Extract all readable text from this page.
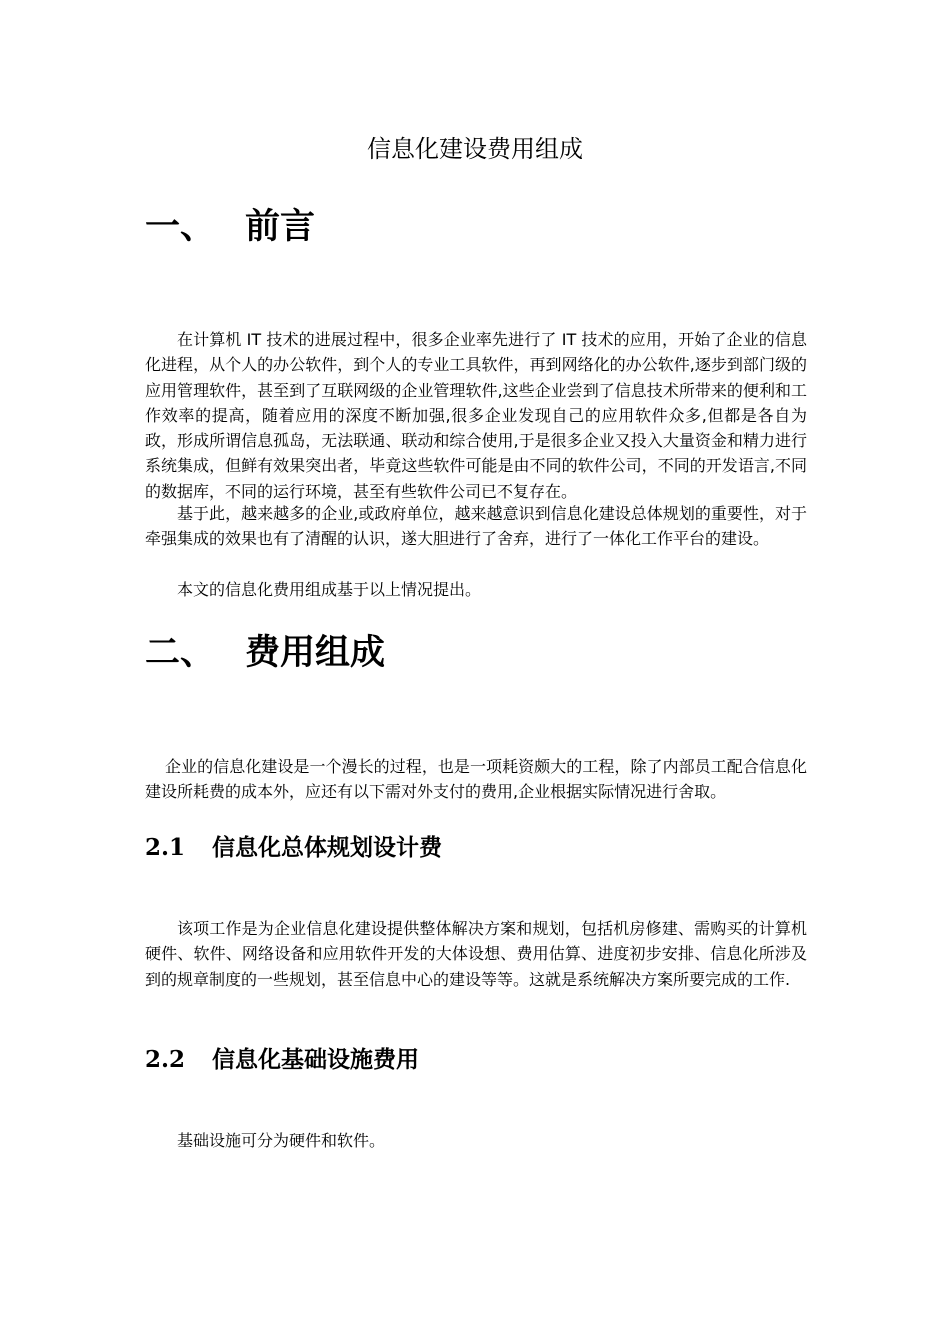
信息化建设费用组成
一、 前言

在计算机 IT 技术的进展过程中，很多企业率先进行了 IT 技术的应用，开始了企业的信息化进程，从个人的办公软件，到个人的专业工具软件，再到网络化的办公软件,逐步到部门级的应用管理软件，甚至到了互联网级的企业管理软件,这些企业尝到了信息技术所带来的便利和工作效率的提高，随着应用的深度不断加强,很多企业发现自己的应用软件众多,但都是各自为政，形成所谓信息孤岛，无法联通、联动和综合使用,于是很多企业又投入大量资金和精力进行系统集成，但鲜有效果突出者，毕竟这些软件可能是由不同的软件公司，不同的开发语言,不同的数据库，不同的运行环境，甚至有些软件公司已不复存在。

基于此，越来越多的企业,或政府单位，越来越意识到信息化建设总体规划的重要性，对于牵强集成的效果也有了清醒的认识，遂大胆进行了舍弃，进行了一体化工作平台的建设。

本文的信息化费用组成基于以上情况提出。

二、 费用组成

企业的信息化建设是一个漫长的过程，也是一项耗资颇大的工程，除了内部员工配合信息化建设所耗费的成本外，应还有以下需对外支付的费用,企业根据实际情况进行舍取。

2.1 信息化总体规划设计费

该项工作是为企业信息化建设提供整体解决方案和规划，包括机房修建、需购买的计算机硬件、软件、网络设备和应用软件开发的大体设想、费用估算、进度初步安排、信息化所涉及到的规章制度的一些规划，甚至信息中心的建设等等。这就是系统解决方案所要完成的工作.

2.2 信息化基础设施费用

基础设施可分为硬件和软件。
